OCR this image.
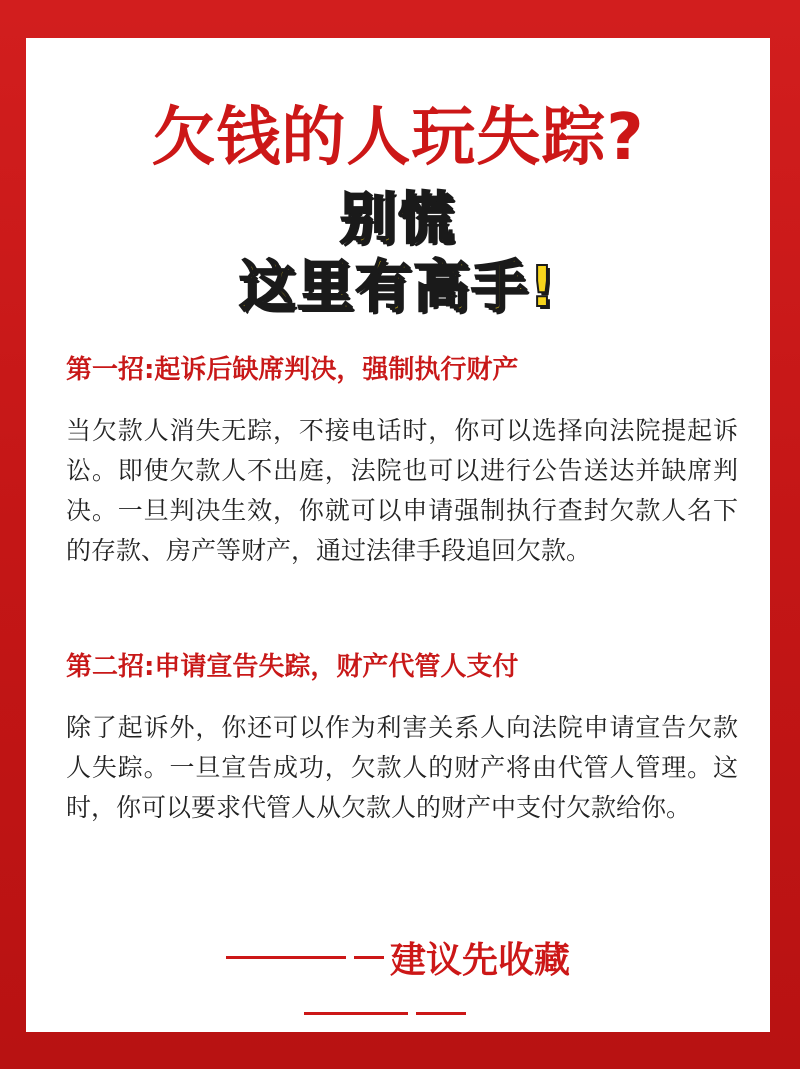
欠钱的人玩失踪?
别慌
这里有高手!
第一招:起诉后缺席判决，强制执行财产
当欠款人消失无踪，不接电话时，你可以选择向法院提起诉讼。即使欠款人不出庭，法院也可以进行公告送达并缺席判决。一旦判决生效，你就可以申请强制执行查封欠款人名下的存款、房产等财产，通过法律手段追回欠款。
第二招:申请宣告失踪，财产代管人支付
除了起诉外，你还可以作为利害关系人向法院申请宣告欠款人失踪。一旦宣告成功，欠款人的财产将由代管人管理。这时，你可以要求代管人从欠款人的财产中支付欠款给你。
建议先收藏
